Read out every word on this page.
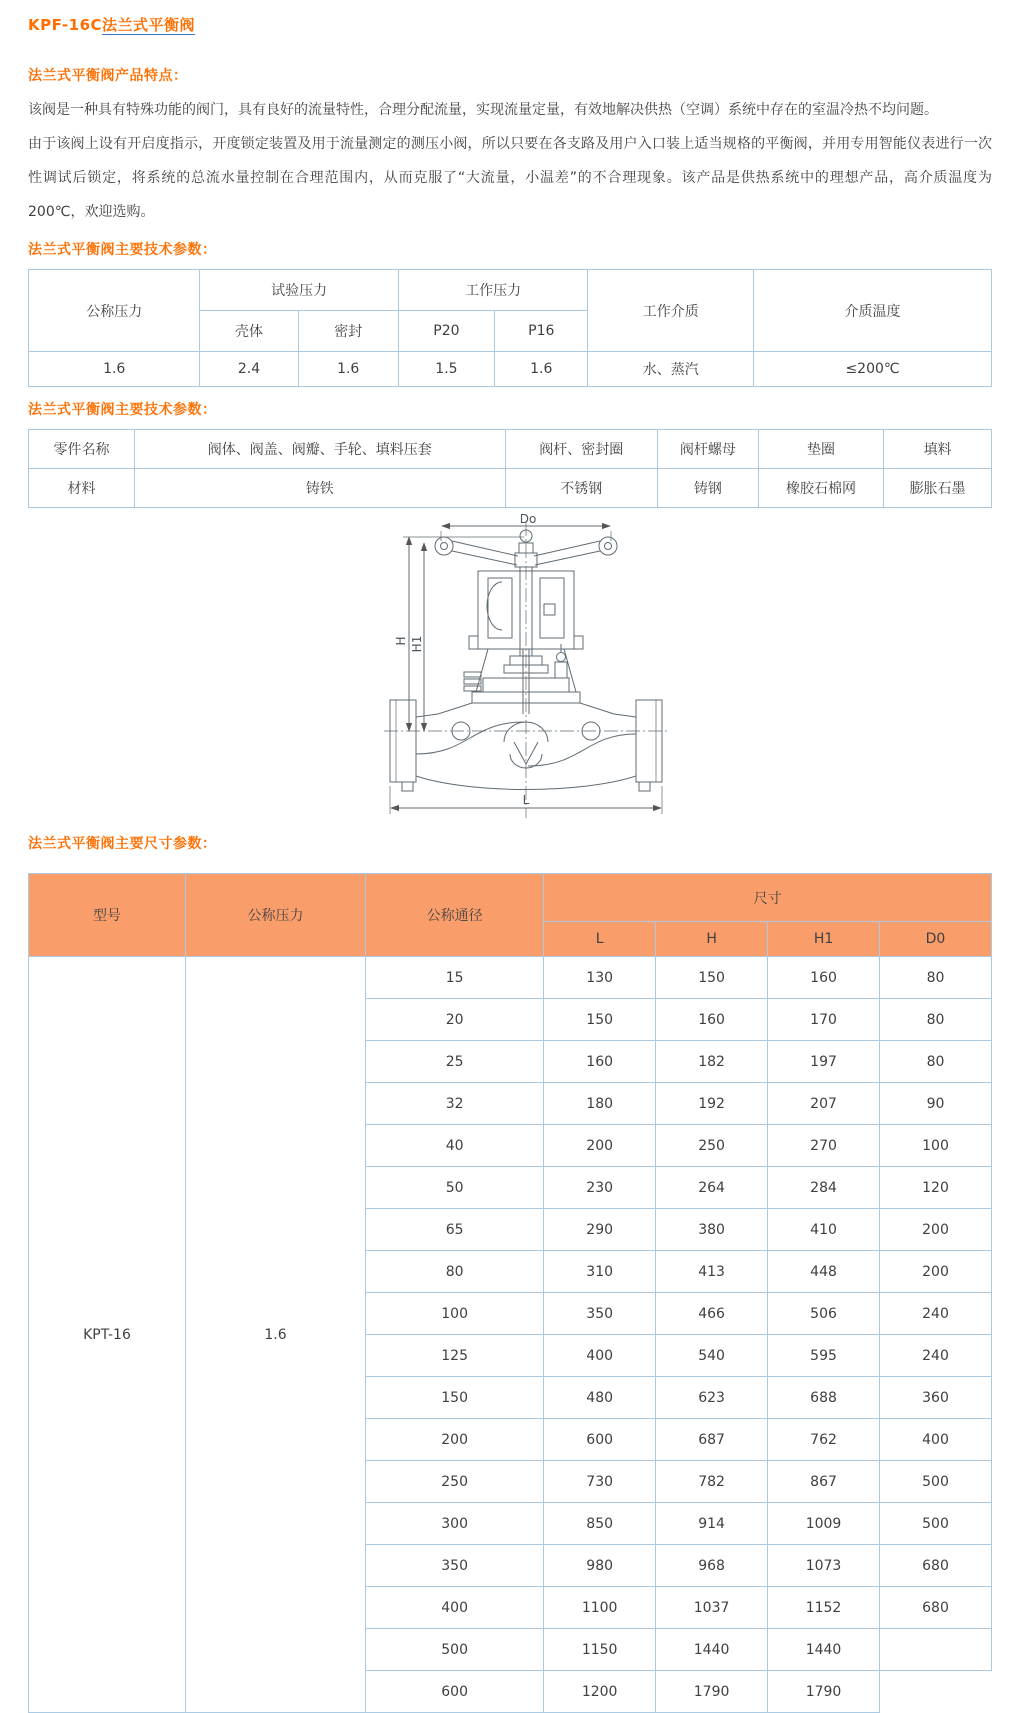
KPF-16C法兰式平衡阀
法兰式平衡阀产品特点：

该阀是一种具有特殊功能的阀门，具有良好的流量特性，合理分配流量，实现流量定量，有效地解决供热（空调）系统中存在的室温冷热不均问题。

由于该阀上设有开启度指示，开度锁定装置及用于流量测定的测压小阀，所以只要在各支路及用户入口装上适当规格的平衡阀，并用专用智能仪表进行一次性调试后锁定，将系统的总流水量控制在合理范围内，从而克服了“大流量，小温差”的不合理现象。该产品是供热系统中的理想产品，高介质温度为200℃，欢迎选购。

法兰式平衡阀主要技术参数：
公称压力	试验压力		工作压力		工作介质	介质温度
	壳体	密封	P20	P16		
1.6	2.4	1.6	1.5	1.6	水、蒸汽	≤200℃
法兰式平衡阀主要技术参数：
零件名称	阀体、阀盖、阀瓣、手轮、填料压套	阀杆、密封圈	阀杆螺母	垫圈	填料
材料	铸铁	不锈钢	铸钢	橡胶石棉网	膨胀石墨
Do
H H1
L
法兰式平衡阀主要尺寸参数：
型号	公称压力	公称通径	尺寸			
			L	H	H1	D0
KPT-16	1.6	15	130	150	160	80
		20	150	160	170	80
		25	160	182	197	80
		32	180	192	207	90
		40	200	250	270	100
		50	230	264	284	120
		65	290	380	410	200
		80	310	413	448	200
		100	350	466	506	240
		125	400	540	595	240
		150	480	623	688	360
		200	600	687	762	400
		250	730	782	867	500
		300	850	914	1009	500
		350	980	968	1073	680
		400	1100	1037	1152	680
		500	1150	1440	1440	
		600	1200	1790	1790	
